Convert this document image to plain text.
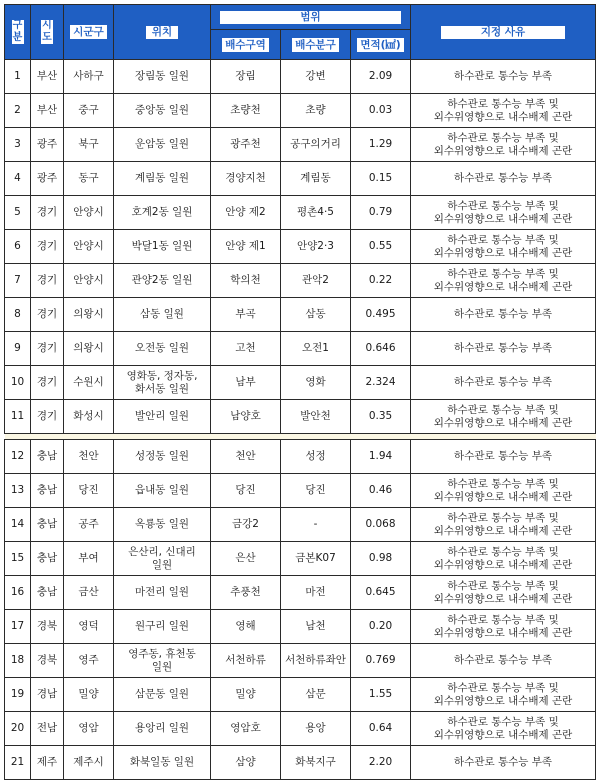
구분	시도	시군구	위치	범위			지정 사유
				배수구역	배수분구	면적(㎢)	
1	부산	사하구	장림동 일원	장림	강변	2.09	하수관로 통수능 부족
2	부산	중구	중앙동 일원	초량천	초량	0.03	하수관로 통수능 부족 및
외수위영향으로 내수배제 곤란
3	광주	북구	운암동 일원	광주천	공구의거리	1.29	하수관로 통수능 부족 및
외수위영향으로 내수배제 곤란
4	광주	동구	계림동 일원	경양지천	계림동	0.15	하수관로 통수능 부족
5	경기	안양시	호계2동 일원	안양 제2	평촌4·5	0.79	하수관로 통수능 부족 및
외수위영향으로 내수배제 곤란
6	경기	안양시	박달1동 일원	안양 제1	안양2·3	0.55	하수관로 통수능 부족 및
외수위영향으로 내수배제 곤란
7	경기	안양시	관양2동 일원	학의천	관악2	0.22	하수관로 통수능 부족 및
외수위영향으로 내수배제 곤란
8	경기	의왕시	삼동 일원	부곡	삼동	0.495	하수관로 통수능 부족
9	경기	의왕시	오전동 일원	고천	오전1	0.646	하수관로 통수능 부족
10	경기	수원시	영화동, 정자동,
화서동 일원	남부	영화	2.324	하수관로 통수능 부족
11	경기	화성시	발안리 일원	남양호	발안천	0.35	하수관로 통수능 부족 및
외수위영향으로 내수배제 곤란

12	충남	천안	성정동 일원	천안	성정	1.94	하수관로 통수능 부족
13	충남	당진	읍내동 일원	당진	당진	0.46	하수관로 통수능 부족 및
외수위영향으로 내수배제 곤란
14	충남	공주	옥룡동 일원	금강2	-	0.068	하수관로 통수능 부족 및
외수위영향으로 내수배제 곤란
15	충남	부여	은산리, 신대리
일원	은산	금본K07	0.98	하수관로 통수능 부족 및
외수위영향으로 내수배제 곤란
16	충남	금산	마전리 일원	추풍천	마전	0.645	하수관로 통수능 부족 및
외수위영향으로 내수배제 곤란
17	경북	영덕	원구리 일원	영해	남천	0.20	하수관로 통수능 부족 및
외수위영향으로 내수배제 곤란
18	경북	영주	영주동, 휴천동
일원	서천하류	서천하류좌안	0.769	하수관로 통수능 부족
19	경남	밀양	삼문동 일원	밀양	삼문	1.55	하수관로 통수능 부족 및
외수위영향으로 내수배제 곤란
20	전남	영암	용앙리 일원	영암호	용앙	0.64	하수관로 통수능 부족 및
외수위영향으로 내수배제 곤란
21	제주	제주시	화북일동 일원	삼양	화북지구	2.20	하수관로 통수능 부족
